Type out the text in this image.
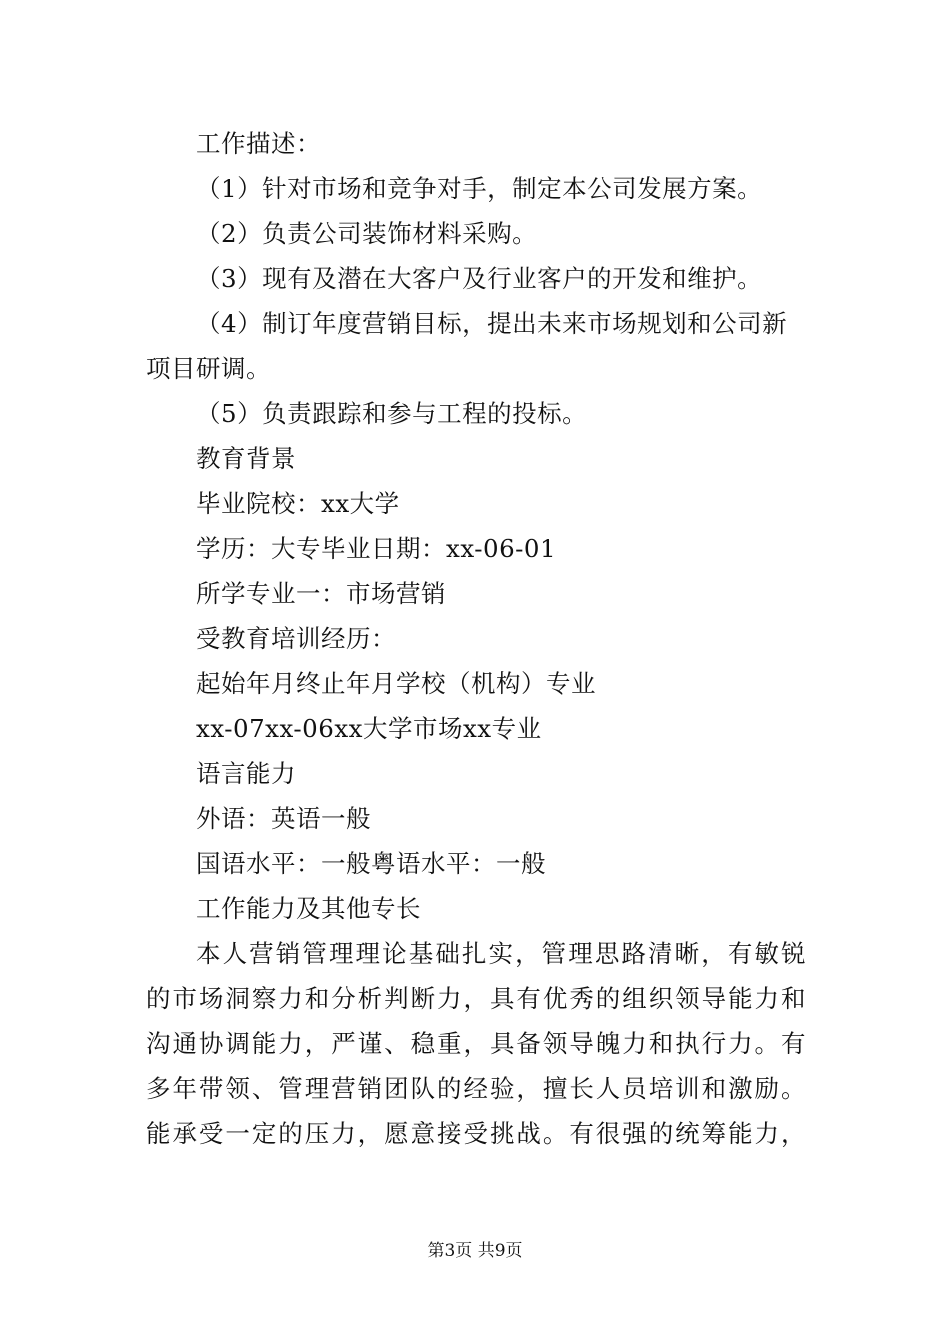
工作描述：
（1）针对市场和竞争对手，制定本公司发展方案。
（2）负责公司装饰材料采购。
（3）现有及潜在大客户及行业客户的开发和维护。
（4）制订年度营销目标，提出未来市场规划和公司新
项目研调。
（5）负责跟踪和参与工程的投标。
教育背景
毕业院校：xx大学
学历：大专毕业日期：xx-06-01
所学专业一：市场营销
受教育培训经历：
起始年月终止年月学校（机构）专业
xx-07xx-06xx大学市场xx专业
语言能力
外语：英语一般
国语水平：一般粤语水平：一般
工作能力及其他专长
本人营销管理理论基础扎实，管理思路清晰，有敏锐
的市场洞察力和分析判断力，具有优秀的组织领导能力和
沟通协调能力，严谨、稳重，具备领导魄力和执行力。有
多年带领、管理营销团队的经验，擅长人员培训和激励。
能承受一定的压力，愿意接受挑战。有很强的统筹能力，
第3页 共9页
